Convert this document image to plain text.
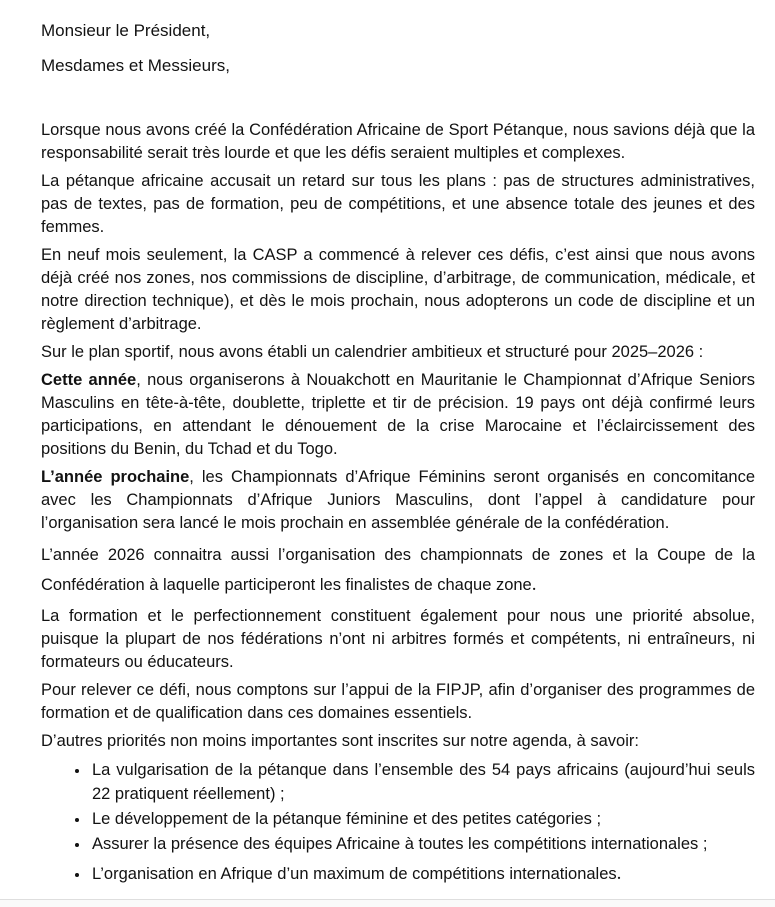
Monsieur le Président,

Mesdames et Messieurs,

Lorsque nous avons créé la Confédération Africaine de Sport Pétanque, nous savions déjà que la responsabilité serait très lourde et que les défis seraient multiples et complexes.

La pétanque africaine accusait un retard sur tous les plans : pas de structures administratives, pas de textes, pas de formation, peu de compétitions, et une absence totale des jeunes et des femmes.

En neuf mois seulement, la CASP a commencé à relever ces défis, c’est ainsi que nous avons déjà créé nos zones, nos commissions de discipline, d’arbitrage, de communication, médicale, et notre direction technique), et dès le mois prochain, nous adopterons un code de discipline et un règlement d’arbitrage.

Sur le plan sportif, nous avons établi un calendrier ambitieux et structuré pour 2025–2026 :

Cette année, nous organiserons à Nouakchott en Mauritanie le Championnat d’Afrique Seniors Masculins en tête-à-tête, doublette, triplette et tir de précision. 19 pays ont déjà confirmé leurs participations, en attendant le dénouement de la crise Marocaine et l’éclaircissement des positions du Benin, du Tchad et du Togo.

L’année prochaine, les Championnats d’Afrique Féminins seront organisés en concomitance avec les Championnats d’Afrique Juniors Masculins, dont l’appel à candidature pour l’organisation sera lancé le mois prochain en assemblée générale de la confédération.

L’année 2026 connaitra aussi l’organisation des championnats de zones et la Coupe de la Confédération à laquelle participeront les finalistes de chaque zone.

La formation et le perfectionnement constituent également pour nous une priorité absolue, puisque la plupart de nos fédérations n’ont ni arbitres formés et compétents, ni entraîneurs, ni formateurs ou éducateurs.

Pour relever ce défi, nous comptons sur l’appui de la FIPJP, afin d’organiser des programmes de formation et de qualification dans ces domaines essentiels.

D’autres priorités non moins importantes sont inscrites sur notre agenda, à savoir:

• La vulgarisation de la pétanque dans l’ensemble des 54 pays africains (aujourd’hui seuls 22 pratiquent réellement) ;
• Le développement de la pétanque féminine et des petites catégories ;
• Assurer la présence des équipes Africaine à toutes les compétitions internationales ;
• L’organisation en Afrique d’un maximum de compétitions internationales.
